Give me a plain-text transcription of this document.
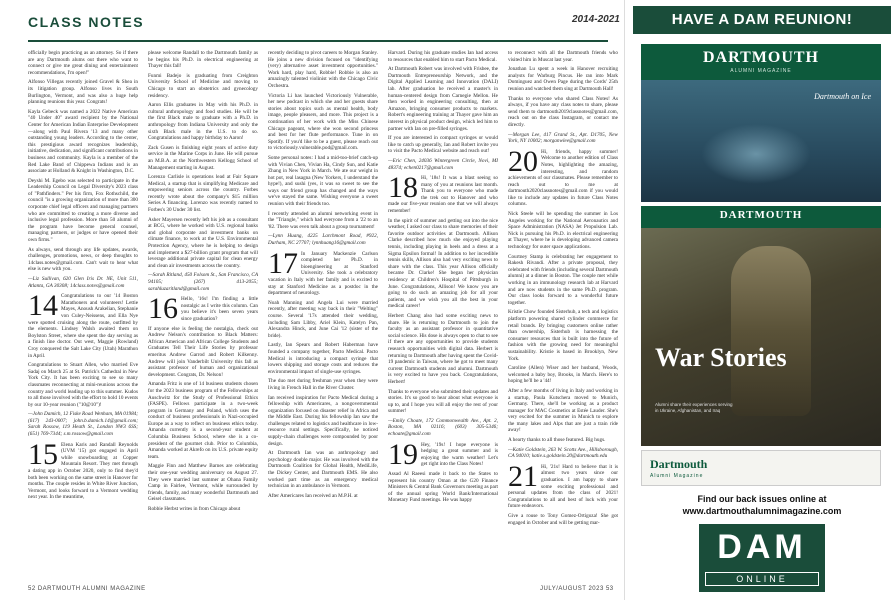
CLASS NOTES	2014-2021

officially begin practicing as an attorney. So if there are any Dartmouth alums out there who want to connect or give me great dining and entertainment recommendations, I'm open!"

Alfonso Villegas recently joined Gravel & Shea in its litigation group. Alfonso lives in South Burlington, Vermont, and was also a huge help planning reunions this year. Congrats!

Kayla Gebeck was named a 2022 Native American "40 Under 40" award recipient by the National Center for American Indian Enterprise Development—along with Paul Rivera '13 and many other outstanding young leaders. According to the center, this prestigious award recognizes leadership, initiative, dedication, and significant contributions in business and community. Kayla is a member of the Red Lake Band of Chippewa Indians and is an associate at Holland & Knight in Washington, D.C.

Deyshi M. Egebo was selected to participate in the Leadership Council on Legal Diversity's 2023 class of "Pathfinders." Per his firm, Fox Rothschild, the council "is a growing organization of more than 300 corporate chief legal officers and managing partners who are committed to creating a more diverse and inclusive legal profession. More than 50 alumni of the program have become general counsel, managing partners, or judges or have opened their own firms."

As always, send through any life updates, awards, challenges, promotions, news, or deep thoughts to 14class.notes@gmail.com. Can't wait to hear what else is new with you.

—Liz Sullivan, 620 Glen Iris Dr. NE, Unit 511, Atlanta, GA 30308; 14class.notes@gmail.com

14 Congratulations to our '14 Boston Marathoners and volunteers! Lettie Mayes, Anoush Arakelian, Stephanie von Culey-Neissens, and Ella Nye were spotted cruising along the route, outfitted by the elements. Lindsey Walsh awaited them on Boylston Street, where she spent the day serving as a finish line doctor. Out west, Maggie (Rowland) Croy conquered the Salt Lake City (Utah) Marathon in April.

Congratulations to Stuart Allen, who married Eve Sadaj on March 25 at St. Patrick's Cathedral in New York City. It has been exciting to see so many classmates reconnecting at mini-reunions across the country and world leading up to this summer. Kudos to all those involved with the effort to hold 10 events by our 10-year reunion ("10@10")!

—John Damich, 12 Fiske Road Wenham, MA 01984; (617) 243-0007; john.b.damich.14@gmail.com; Sarah Rossow, 119 Heath St., London NW3 6SS; (651) 769-7344; s.m.rossow@gmail.com

15 Elena Karis and Randall Reynolds (UVM '15) got engaged in April while snowboarding at Copper Mountain Resort. They met through a dating app in October 2020, only to find they'd both been working on the same street in Hanover for months. The couple resides in White River Junction, Vermont, and looks forward to a Vermont wedding next year. In the meantime,

please welcome Randall to the Dartmouth family as he begins his Ph.D. in electrical engineering at Thayer this fall!

Funmi Badejo is graduating from Creighton University School of Medicine and moving to Chicago to start an obstetrics and gynecology residency.

Aaron Ellis graduates in May with his Ph.D. in cultural anthropology and food studies. He will be the first Black male to graduate with a Ph.D. in anthropology from Indiana University and only the sixth Black male in the U.S. to do so. Congratulations and happy birthday to Aaron!

Zack Gusen is finishing eight years of active duty service in the Marine Corps in June. He will pursue an M.B.A. at the Northwestern Kellogg School of Management starting in August.

Lorenzo Carlisle is operations lead at Fair Square Medical, a startup that is simplifying Medicare and empowering seniors across the country. Forbes recently wrote about the company's $15 million Series A financing. Lorenzo was recently named to Forbes's 30 Under 30 list.

Asher Mayersen recently left his job as a consultant at BCG, where he worked with U.S. regional banks and global corporate and investment banks on climate finance, to work at the U.S. Environmental Protection Agency, where he is helping to design and implement a $27-billion grant program that will leverage additional private capital for clean energy and clean air investments across the country.

—Sarah Ritland, 450 Folsom St., San Francisco, CA 94105; (267) 413-2055; sarahluzaritland@gmail.com

16 Hello, '16s! I'm finding a little nostalgic as I write this column. Can you believe it's been seven years since graduation?

If anyone else is feeling the nostalgia, check out Andrew Nelson's contribution to Black Matters: African American and African College Students and Graduates Tell Their Life Stories by professor emeritus Andrew Garrod and Robert Kilkenny. Andrew will join Vanderbilt University this fall as assistant professor of human and organizational development. Congrats, Dr. Nelson!

Amanda Fritz is one of 14 business students chosen for the 2023 business program of the Fellowships at Auschwitz for the Study of Professional Ethics (FASPE). Fellows participate in a two-week program in Germany and Poland, which uses the conduct of business professionals in Nazi-occupied Europe as a way to reflect on business ethics today. Amanda currently is a second-year student at Columbia Business School, where she is a co-president of the gourmet club. Prior to Columbia, Amanda worked at Akrefo on its U.S. private equity team.

Maggie Finn and Matthew Barnes are celebrating their one-year wedding anniversary on August 27. They were married last summer at Ohana Family Camp in Fairlee, Vermont, while surrounded by friends, family, and many wonderful Dartmouth and Geisel classmates.

Robbie Herbst writes in from Chicago about

recently deciding to pivot careers to Morgan Stanley. He joins a new division focused on "identifying (very) alternative asset investment opportunities." Work hard, play hard, Robbie! Robbie is also an amazingly talented violinist with the Chicago Civic Orchestra.

Victoria Li has launched Victoriously Vulnerable, her new podcast in which she and her guests share stories about topics such as mental health, body image, people pleasers, and more. This project is a continuation of her work with the Miss Chinese Chicago pageant, where she won second princess and best for her flute performance. Tune in on Spotify. If you'd like to be a guest, please reach out to victoriously.vulnerable.pod@gmail.com.

Some personal notes: I had a mid-too-brief catch-up with Vivian Chen, Vivian Ha, Cindy Sun, and Katie Zhang in New York in March. We ate our weight in hot pot, real lasagna (New Yorkers, I understand the hype!), and sushi (yes, it was so sweet to see the ways our friend group has changed and the ways we've stayed the same. Wishing everyone a sweet reunion with their friends too.

I recently attended an alumni networking event in the "Triangle," which had everyone from a '22 to an '82. There was even talk about a group tournament!

—Lynn Huang, 4225 Larchmont Road, #922, Durham, NC 27707; lynnhuang16@gmail.com

17 In January Mackenzie Carlson completed her Ph.D. in bioengineering at Stanford University. She took a celebratory vacation in Italy with her family and is excited to stay at Stanford Medicine as a postdoc in the department of neurology.

Noah Manning and Angela Lui were married recently, after meeting way back in their "Welting" course. Several '17s attended their wedding, including Sam Libby, Ariel Klein, Katelyn Pan, Alexandra Hinck, and June Cai '12 (sister of the bride).

Lastly, Ian Spears and Robert Haberman have founded a company together, Pacto Medical. Pacto Medical is introducing a compact syringe that lowers shipping and storage costs and reduces the environmental impact of single-use syringes.

The duo met during freshman year when they were living in French Hall in the River Cluster.

Ian received inspiration for Pacto Medical during a fellowship with Americares, a nongovernmental organization focused on disaster relief in Africa and the Middle East. During his fellowship Ian saw the challenges related to logistics and healthcare in low-resource rural settings. Specifically, he noticed supply-chain challenges were compounded by poor design.

At Dartmouth Ian was an anthropology and psychology double major. He was involved with the Dartmouth Coalition for Global Health, MediLife, the Dickey Center, and Dartmouth EMS. He also worked part time as an emergency medical technician in an ambulance in Vermont.

After Americares Ian received an M.P.H. at

Harvard. During his graduate studies Ian had access to resources that enabled him to start Pacto Medical.

At Dartmouth Robert was involved with Frisbee, the Dartmouth Entrepreneurship Network, and the Digital Applied Learning and Innovation (DALI) lab. After graduation he received a master's in human-centered design from Carnegie Mellon. He then worked in engineering consulting, then at Amazon, bringing consumer products to markets. Robert's engineering training at Thayer gave him an interest in physical product design, which led him to partner with Ian on pre-filled syringes.

If you are interested in compact syringes or would like to catch up generally, Ian and Robert invite you to visit the Pacto Medical website and reach out!

—Eric Chen, 24036 Wintergreen Circle, Novi, MI 48374; echen0217@gmail.com

18 Hi, '18s! It was a blast seeing so many of you at reunions last month. Thank you to everyone who made the trek out to Hanover and who made our five-year reunion one that we will always remember!

In the spirit of summer and getting out into the nice weather, I asked our class to share memories of their favorite outdoor activities at Dartmouth. Allison Clarke described how much she enjoyed playing tennis, including playing in heels and a dress at a Sigma Epsilon formal! In addition to her incredible tennis skills, Allison also had very exciting news to share with the class. This year Allison officially became Dr. Clarke! She began her physician residency at Children's Hospital of Pittsburgh in June. Congratulations, Allison! We know you are going to do such an amazing job for all your patients, and we wish you all the best in your medical career!

Herbert Chang also had some exciting news to share. He is returning to Dartmouth to join the faculty as an assistant professor in quantitative social science. His dose is always open to chat to see if there are any opportunities to provide students research opportunities with digital data. Herbert is returning to Dartmouth after having spent the Covid-19 pandemic in Taiwan, where he got to meet many current Dartmouth students and alumni. Dartmouth is very excited to have you back. Congratulations, Herbert!

Thanks to everyone who submitted their updates and stories. It's so good to hear about what everyone is up to, and I hope you will all enjoy the rest of your summer!

—Emily Choate, 172 Commonwealth Ave., Apt. 2, Boston, MA 02116; (603) 305-5346; echoate@gmail.com

19 Hey, '19s! I hope everyone is hedging a great summer and is enjoying the warm weather! Let's get right into the Class Notes!

Assad Al Raeesi made it back to the States to represent his country Oman at the G20 Finance Ministers & Central Bank Governors meeting as part of the annual spring World Bank/International Monetary Fund meetings. He was happy

to reconnect with all the Dartmouth friends who visited him in Muscat last year.

Jonathan Lu spent a week in Hanover recruiting analysts for Warburg Pincus. He ran into Mark Dominguez and Owen Page during the Cords' 25th reunion and watched them sing at Dartmouth Hall!

Thanks to everyone who shared Class Notes! As always, if you have any class notes to share, please send them to dartmouth2019classnotes@gmail.com, reach out on the class Instagram, or contact me directly.

—Morgan Lee, 417 Grand St., Apt. D1705, New York, NY 10002; morganwlee@gmail.com

20 Hi, friends, happy summer! Welcome to another edition of Class Notes, highlighting the amazing, interesting, and random achievements of our classmates. Please remember to reach out to me at dartmouth2020classnotes@gmail.com if you would like to include any updates in future Class Notes columns.

Nick Steele will be spending the summer in Los Angeles working for the National Aeronautics and Space Administration (NASA) Jet Propulsion Lab. Nick is pursuing his Ph.D. in electrical engineering at Thayer, where he is developing advanced camera technology for outer space applications.

Courtney Stamp is celebrating her engagement to Rakesh Rivandi. After a private proposal, they celebrated with friends (including several Dartmouth alumni) at a dinner in Boston. The couple met while working in an immunology research lab at Harvard and are now students in the same Ph.D. program. Our class looks forward to a wonderful future together.

Kristie Chow founded Sisterhub, a tech and logistics platform powering shared cylinder commerce for retail brands. By bringing customers online rather than ownership, Sisterhub is harnessing the consumer resources that is built into the future of fashion with the growing need for meaningful sustainability. Kristie is based in Brooklyn, New York.

Caroline (Allen) Wiser and her husband, Woods, welcomed a baby boy, Brooks, in March. Here's to hoping he'll be a '44!

After a few months of living in Italy and working in a startup, Paula Kutschera moved to Munich, Germany. There, she'll be working as a product manager for MAC Cosmetics at Estée Lauder. She's very excited for the summer in Munich to explore the many lakes and Alps that are just a train ride away!

A hearty thanks to all those featured. Big hugs.

—Katie Goldstein, 263 W. Scotts Ave., Hillsborough, CA 94010; katie.s.goldstein.20@dartmouth.edu

21 Hi, '21s! Hard to believe that it is almost two years since our graduation. I am happy to share some exciting professional and personal updates from the class of 2021! Congratulations to all and best of luck with your future endeavors.

Give a rouse to Tony Gomez-Ortigoza! She got engaged in October and will be getting mar-

52 DARTMOUTH ALUMNI MAGAZINE	JULY/AUGUST 2023 53
HAVE A DAM REUNION!
DARTMOUTH
ALUMNI MAGAZINE
Dartmouth on Ice
DARTMOUTH
War Stories
Alumni share their experiences serving in Ukraine, Afghanistan, and Iraq
Dartmouth
Alumni Magazine
Find our back issues online at
www.dartmouthalumnimagazine.com
DAM
ONLINE
